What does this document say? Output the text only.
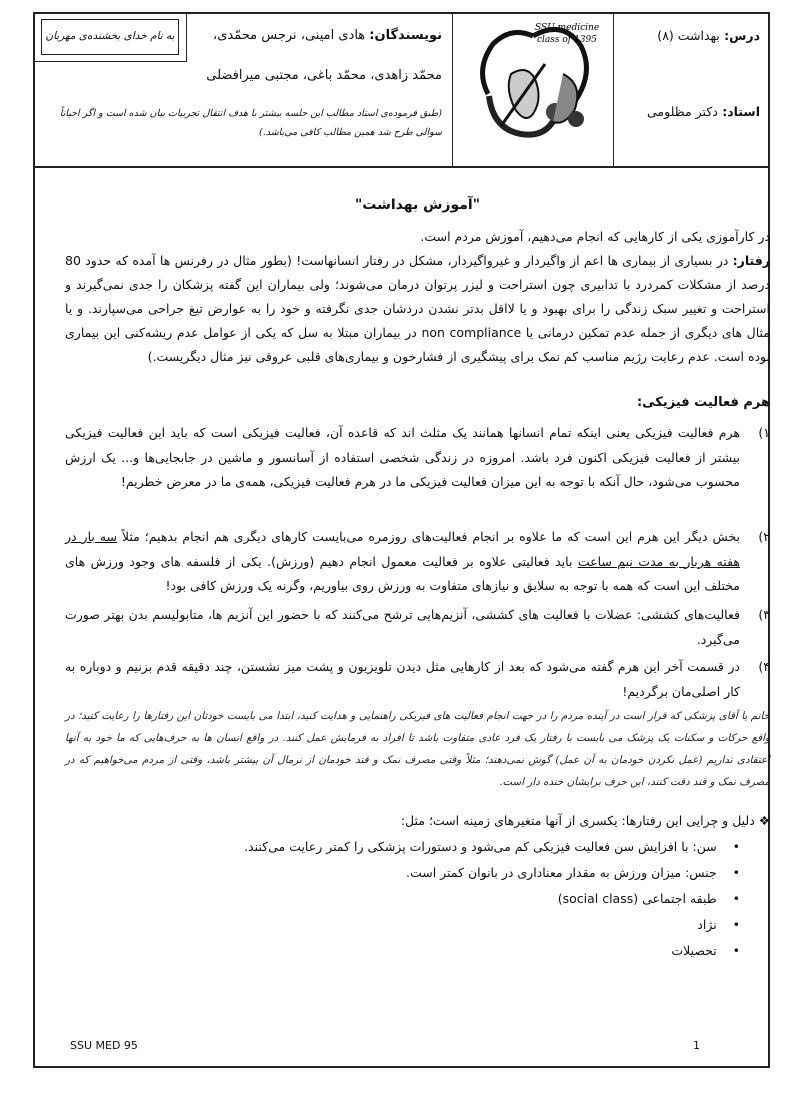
درس: بهداشت (۸)
استاد: دکتر مظلومی
SSU medicine
class of 1395
به نام خدای بخشنده‌ی مهربان	نویسندگان: هادی امینی، نرجس محمّدی،
محمّد زاهدی، محمّد باغی، مجتبی میرافضلی
(طبق فرموده‌ی استاد مطالب این جلسه بیشتر با هدف انتقال تجربیات بیان شده است و اگر احیاناً
سوالی طرح شد همین مطالب کافی می‌باشد.)
"آموزش بهداشت"
در کارآموزی یکی از کارهایی که انجام می‌دهیم، آموزش مردم است.
رفتار: در بسیاری از بیماری ها اعم از واگیردار و غیرواگیردار، مشکل در رفتار انسانهاست! (بطور مثال در رفرنس ها آمده که حدود 80 درصد از مشکلات کمردرد با تدابیری چون استراحت و لیزر پرتوان درمان می‌شوند؛ ولی بیماران این گفته پزشکان را جدی نمی‌گیرند و استراحت و تغییر سبک زندگی را برای بهبود و یا لااقل بدتر نشدن دردشان جدی نگرفته و خود را به عوارض تیغ جراحی می‌سپارند. و یا مثال های دیگری از جمله عدم تمکین درمانی یا non compliance در بیماران مبتلا به سل که یکی از عوامل عدم ریشه‌کنی این بیماری بوده است. عدم رعایت رژیم مناسب کم نمک برای پیشگیری از فشارخون و بیماری‌های قلبی عروقی نیز مثال دیگریست.)
هرم فعالیت فیزیکی:
۱)
هرم فعالیت فیزیکی یعنی اینکه تمام انسانها همانند یک مثلث اند که قاعده آن، فعالیت فیزیکی است که باید این فعالیت فیزیکی بیشتر از فعالیت فیزیکی اکنون فرد باشد. امروزه در زندگی شخصی استفاده از آسانسور و ماشین در جابجایی‌ها و... یک ارزش محسوب می‌شود، حال آنکه با توجه به این میزان فعالیت فیزیکی ما در هرم فعالیت فیزیکی، همه‌ی ما در معرض خطریم!
۲)
بخش دیگر این هرم این است که ما علاوه بر انجام فعالیت‌های روزمره می‌بایست کارهای دیگری هم انجام بدهیم؛ مثلاً سه بار در هفته هربار به مدت نیم ساعت باید فعالیتی علاوه بر فعالیت معمول انجام دهیم (ورزش). یکی از فلسفه های وجود ورزش های مختلف این است که همه با توجه به سلایق و نیازهای متفاوت به ورزش روی بیاوریم، وگرنه یک ورزش کافی بود!
۳)
فعالیت‌های کششی: عضلات با فعالیت های کششی، آنزیم‌هایی ترشح می‌کنند که با حضور این آنزیم ها، متابولیسم بدن بهتر صورت می‌گیرد.
۴)
در قسمت آخر این هرم گفته می‌شود که بعد از کارهایی مثل دیدن تلویزیون و پشت میز نشستن، چند دقیقه قدم بزنیم و دوباره به کار اصلی‌مان برگردیم!
خانم یا آقای پزشکی که قرار است در آینده مردم را در جهت انجام فعالیت های فیزیکی راهنمایی و هدایت کنید، ابتدا می بایست خودتان این رفتارها را رعایت کنید؛ در واقع حرکات و سکنات یک پزشک می بایست با رفتار یک فرد عادی متفاوت باشد تا افراد به فرمایش عمل کنند. در واقع انسان ها به حرف‌هایی که ما خود به آنها اعتقادی نداریم (عمل نکردن خودمان به آن عمل) گوش نمی‌دهند؛ مثلاً وقتی مصرف نمک و قند خودمان از نرمال آن بیشتر باشد، وقتی از مردم می‌خواهیم که در مصرف نمک و قند دقت کنند، این حرف برایشان خنده دار است.
❖ دلیل و چرایی این رفتارها: یکسری از آنها متغیرهای زمینه است؛ مثل:
•    سن: با افزایش سن فعالیت فیزیکی کم می‌شود و دستورات پزشکی را کمتر رعایت می‌کنند.
•    جنس: میزان ورزش به مقدار معناداری در بانوان کمتر است.
•    طبقه اجتماعی (social class)
•    نژاد
•    تحصیلات
SSU MED 95	1
